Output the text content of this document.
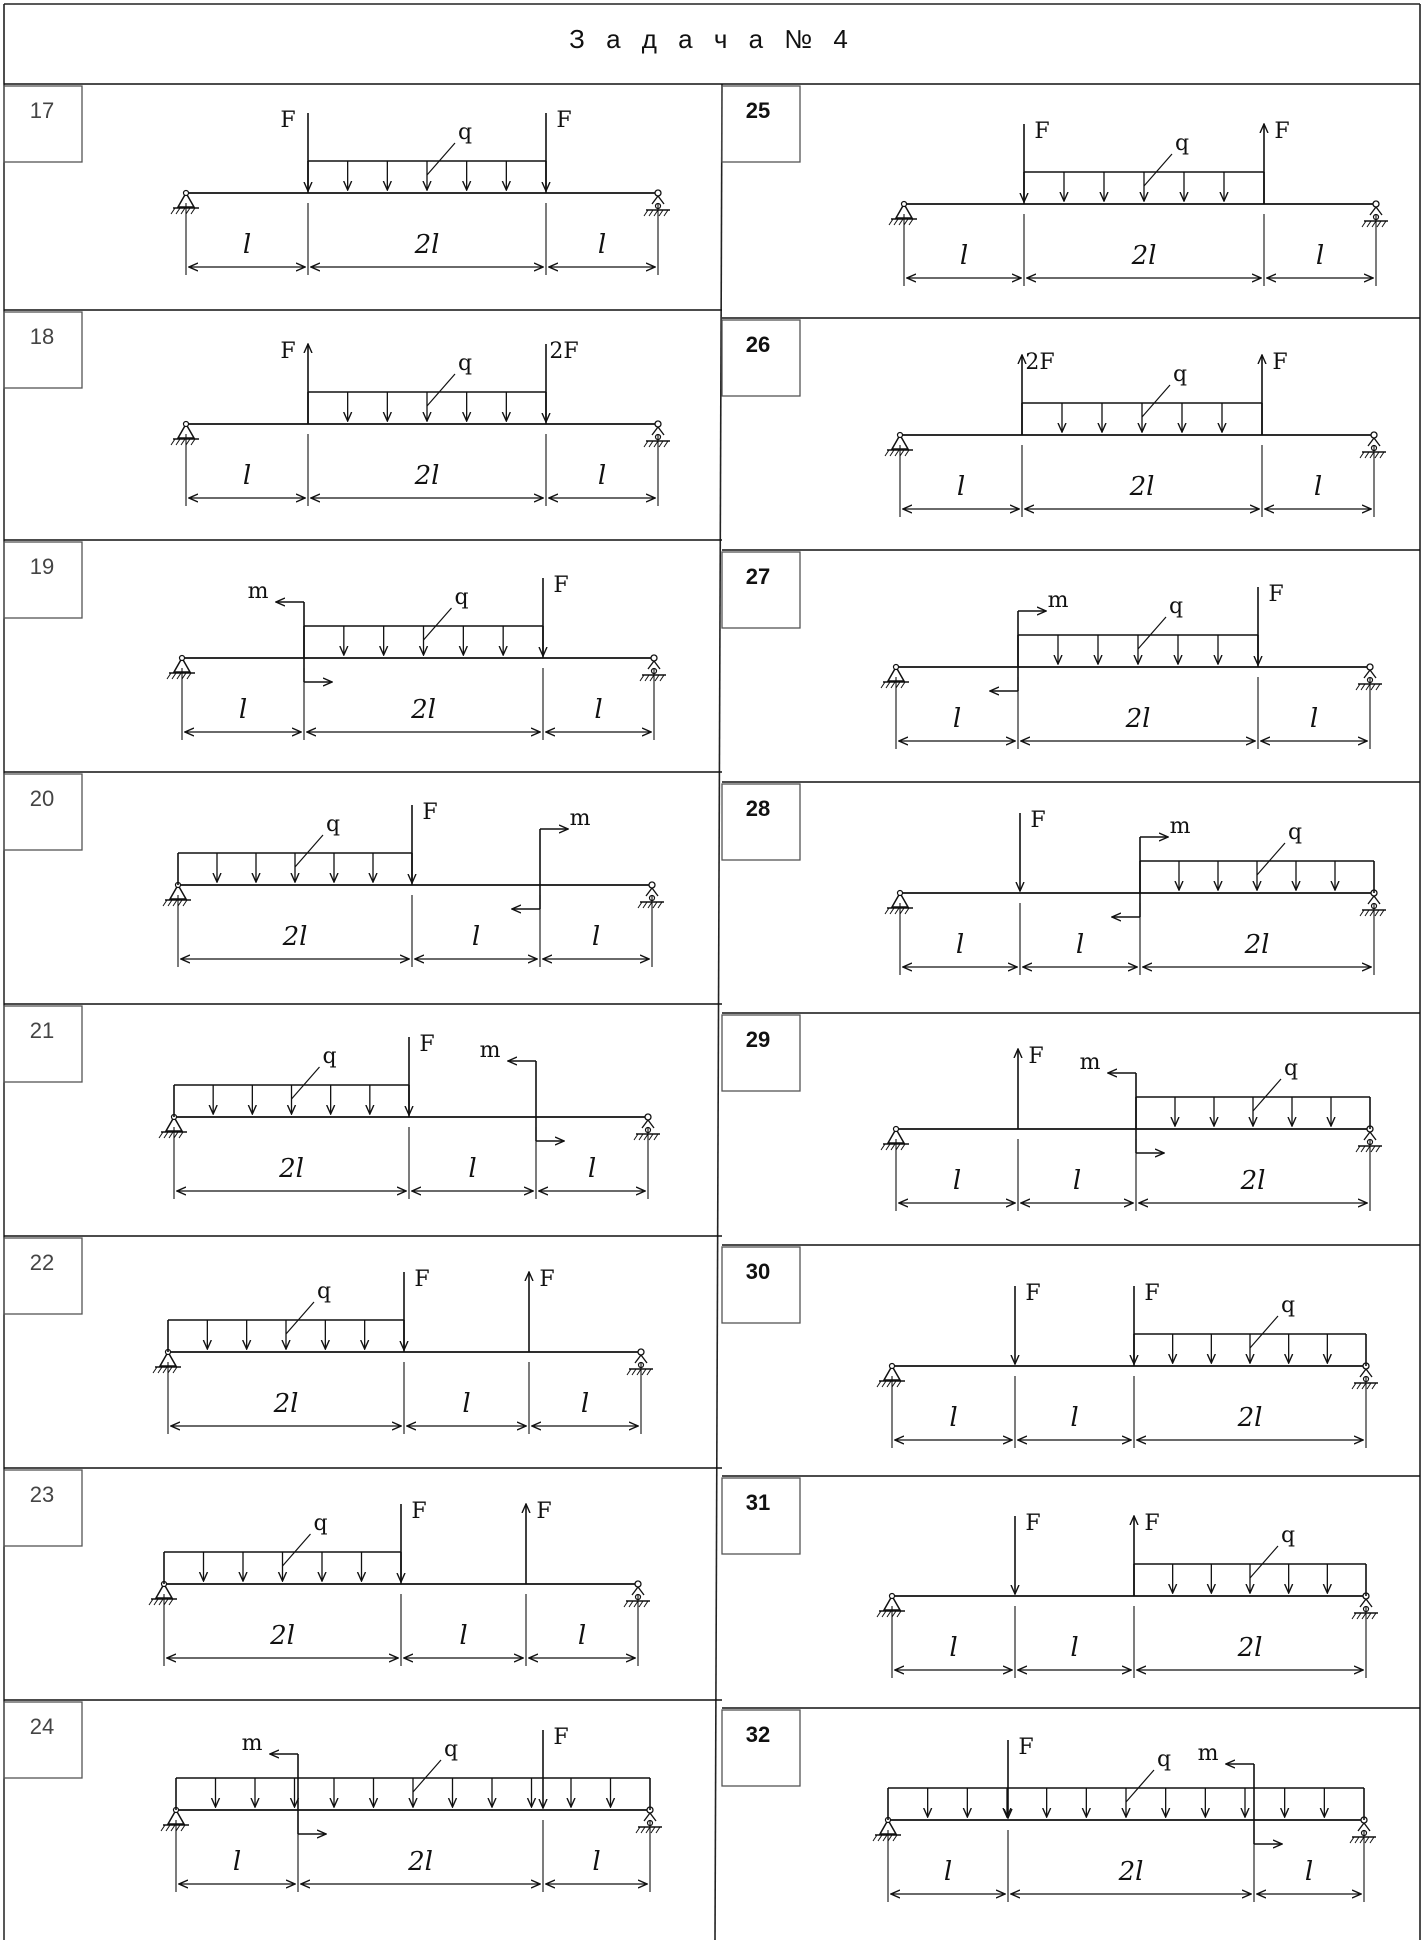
З а д а ч а № 4
17
q
F	F
l	2l	l
18
q
F	2F
l	2l	l
19
q	F
m
l	2l	l
20
q	F	m
2l	l	l
21
q	F m
2l	l	l
22
q	F	F
2l	l	l
23
q	F	F
2l	l	l
24
q	F
m
l	2l	l
25
q
F	F
l	2l	l
26
q
2F	F
l	2l	l
27
q	F
m
l	2l	l
28
q
F	m
l	l	2l
29
q
F m
l	l	2l
30
q
F	F
l	l	2l
31
q
F	F
l	l	2l
32
q
F	m
l	2l	l
